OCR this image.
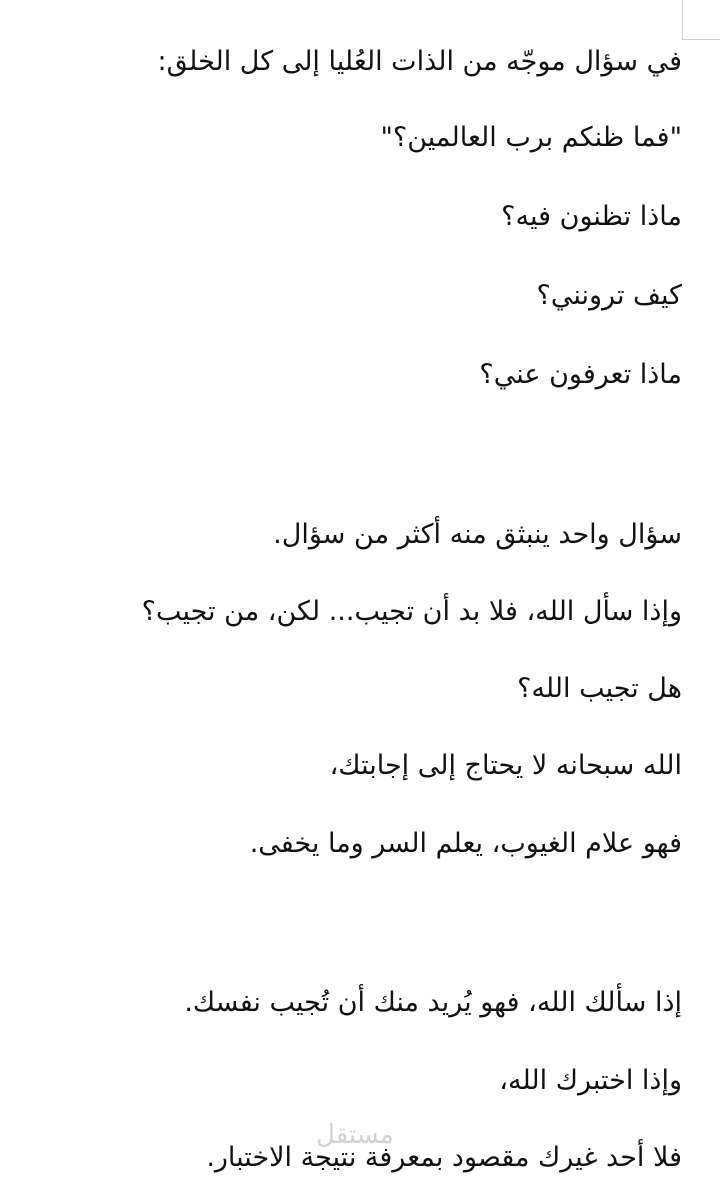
في سؤال موجّه من الذات العُليا إلى كل الخلق:
"فما ظنكم برب العالمين؟"
ماذا تظنون فيه؟
كيف ترونني؟
ماذا تعرفون عني؟
سؤال واحد ينبثق منه أكثر من سؤال.
وإذا سأل الله، فلا بد أن تجيب... لكن، من تجيب؟
هل تجيب الله؟
الله سبحانه لا يحتاج إلى إجابتك،
فهو علام الغيوب، يعلم السر وما يخفى.
إذا سألك الله، فهو يُريد منك أن تُجيب نفسك.
وإذا اختبرك الله،
فلا أحد غيرك مقصود بمعرفة نتيجة الاختبار.
مستقل
